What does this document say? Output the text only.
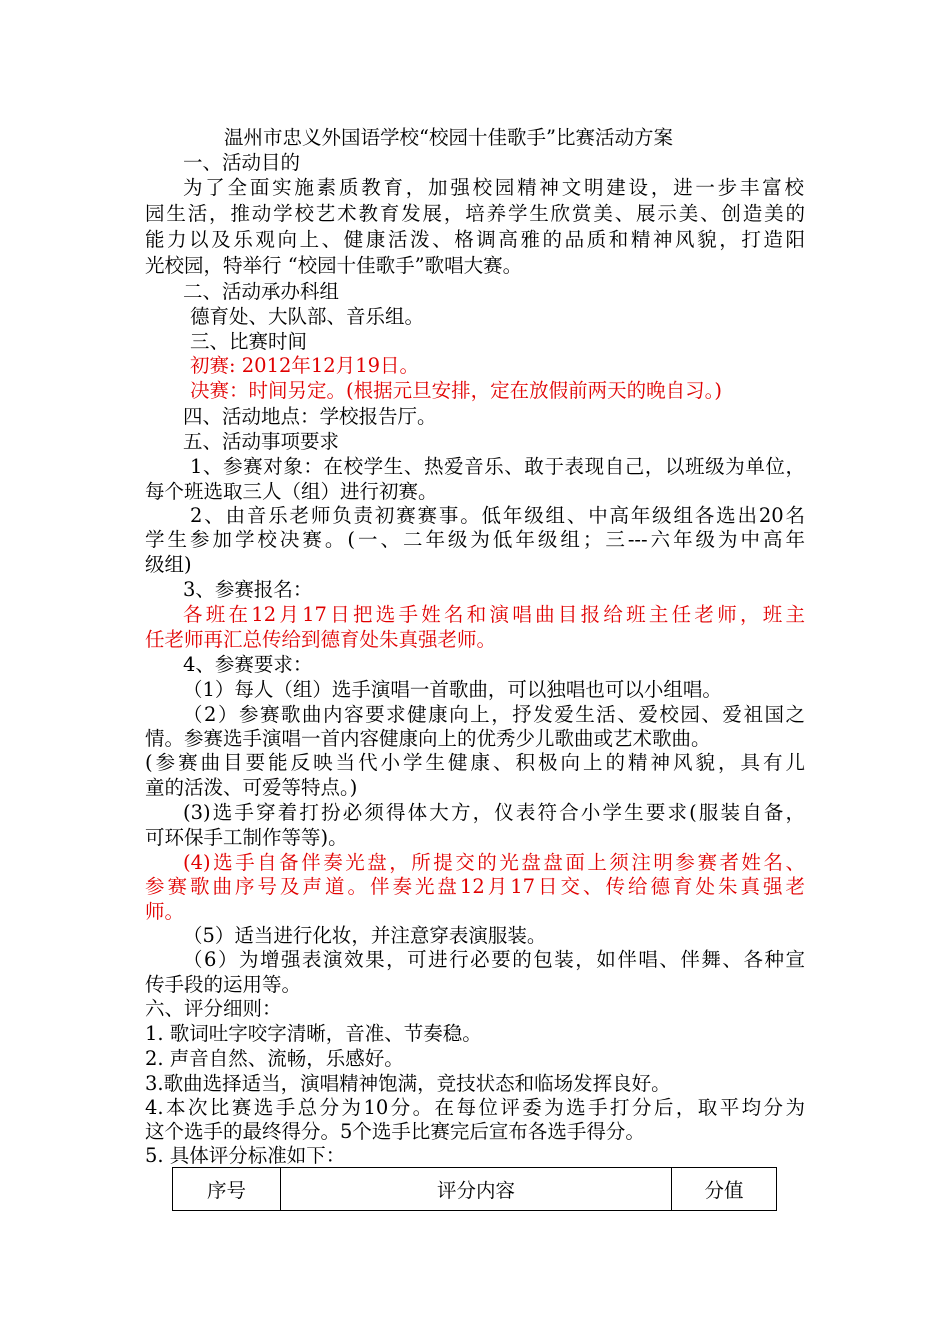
温州市忠义外国语学校“校园十佳歌手”比赛活动方案
一、活动目的
为了全面实施素质教育，加强校园精神文明建设，进一步丰富校
园生活，推动学校艺术教育发展，培养学生欣赏美、展示美、创造美的
能力以及乐观向上、健康活泼、格调高雅的品质和精神风貌，打造阳
光校园，特举行 “校园十佳歌手”歌唱大赛。
二、活动承办科组
德育处、大队部、音乐组。
三、比赛时间
初赛: 2012年12月19日。
决赛：时间另定。(根据元旦安排，定在放假前两天的晚自习。)
四、活动地点：学校报告厅。
五、活动事项要求
1、参赛对象：在校学生、热爱音乐、敢于表现自己，以班级为单位，
每个班选取三人（组）进行初赛。
2、由音乐老师负责初赛赛事。低年级组、中高年级组各选出20名
学生参加学校决赛。(一、二年级为低年级组；三---六年级为中高年
级组)
3、参赛报名：
各班在12月17日把选手姓名和演唱曲目报给班主任老师，班主
任老师再汇总传给到德育处朱真强老师。
4、参赛要求：
（1）每人（组）选手演唱一首歌曲，可以独唱也可以小组唱。
（2）参赛歌曲内容要求健康向上，抒发爱生活、爱校园、爱祖国之
情。参赛选手演唱一首内容健康向上的优秀少儿歌曲或艺术歌曲。
(参赛曲目要能反映当代小学生健康、积极向上的精神风貌，具有儿
童的活泼、可爱等特点。)
(3)选手穿着打扮必须得体大方，仪表符合小学生要求(服装自备，
可环保手工制作等等)。
(4)选手自备伴奏光盘，所提交的光盘盘面上须注明参赛者姓名、
参赛歌曲序号及声道。伴奏光盘12月17日交、传给德育处朱真强老
师。
（5）适当进行化妆，并注意穿表演服装。
（6）为增强表演效果，可进行必要的包装，如伴唱、伴舞、各种宣
传手段的运用等。
六、评分细则：
1. 歌词吐字咬字清晰，音准、节奏稳。
2. 声音自然、流畅，乐感好。
3.歌曲选择适当，演唱精神饱满，竞技状态和临场发挥良好。
4.本次比赛选手总分为10分。在每位评委为选手打分后，取平均分为
这个选手的最终得分。5个选手比赛完后宣布各选手得分。
5. 具体评分标准如下：
序号	评分内容	分值
